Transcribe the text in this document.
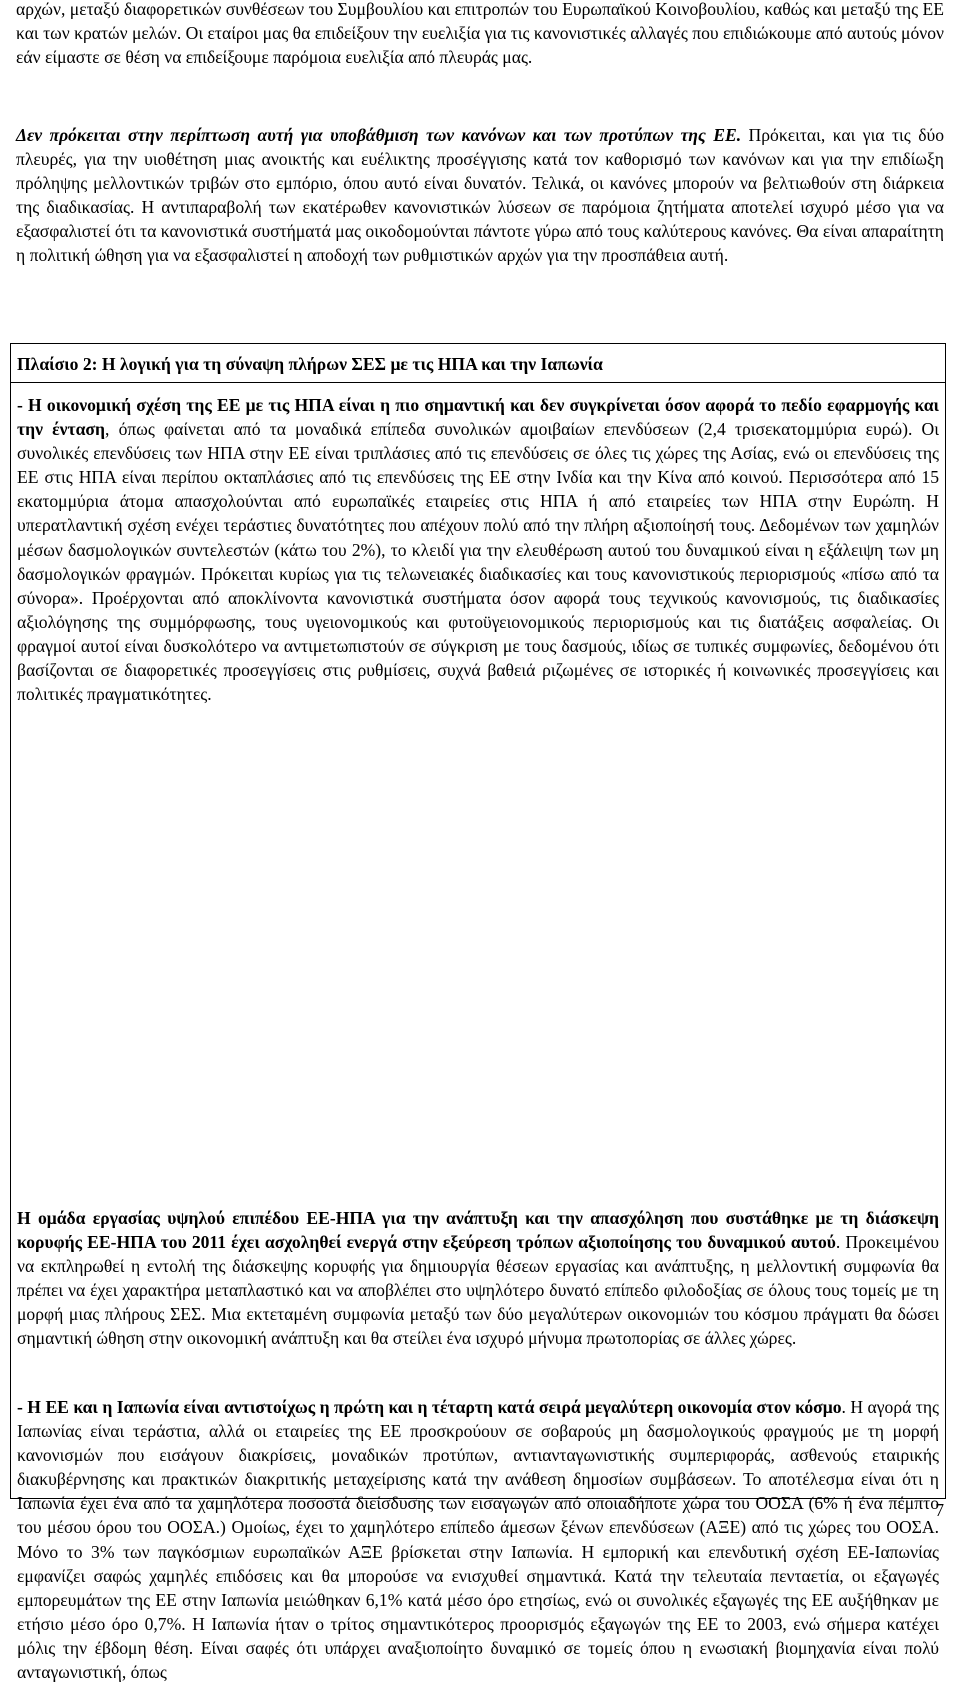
αρχών, μεταξύ διαφορετικών συνθέσεων του Συμβουλίου και επιτροπών του Ευρωπαϊκού Κοινοβουλίου, καθώς και μεταξύ της ΕΕ και των κρατών μελών. Οι εταίροι μας θα επιδείξουν την ευελιξία για τις κανονιστικές αλλαγές που επιδιώκουμε από αυτούς μόνον εάν είμαστε σε θέση να επιδείξουμε παρόμοια ευελιξία από πλευράς μας.

Δεν πρόκειται στην περίπτωση αυτή για υποβάθμιση των κανόνων και των προτύπων της ΕΕ. Πρόκειται, και για τις δύο πλευρές, για την υιοθέτηση μιας ανοικτής και ευέλικτης προσέγγισης κατά τον καθορισμό των κανόνων και για την επιδίωξη πρόληψης μελλοντικών τριβών στο εμπόριο, όπου αυτό είναι δυνατόν. Τελικά, οι κανόνες μπορούν να βελτιωθούν στη διάρκεια της διαδικασίας. Η αντιπαραβολή των εκατέρωθεν κανονιστικών λύσεων σε παρόμοια ζητήματα αποτελεί ισχυρό μέσο για να εξασφαλιστεί ότι τα κανονιστικά συστήματά μας οικοδομούνται πάντοτε γύρω από τους καλύτερους κανόνες. Θα είναι απαραίτητη η πολιτική ώθηση για να εξασφαλιστεί η αποδοχή των ρυθμιστικών αρχών για την προσπάθεια αυτή.

Πλαίσιο 2: Η λογική για τη σύναψη πλήρων ΣΕΣ με τις ΗΠΑ και την Ιαπωνία

- Η οικονομική σχέση της ΕΕ με τις ΗΠΑ είναι η πιο σημαντική και δεν συγκρίνεται όσον αφορά το πεδίο εφαρμογής και την ένταση, όπως φαίνεται από τα μοναδικά επίπεδα συνολικών αμοιβαίων επενδύσεων (2,4 τρισεκατομμύρια ευρώ). Οι συνολικές επενδύσεις των ΗΠΑ στην ΕΕ είναι τριπλάσιες από τις επενδύσεις σε όλες τις χώρες της Ασίας, ενώ οι επενδύσεις της ΕΕ στις ΗΠΑ είναι περίπου οκταπλάσιες από τις επενδύσεις της ΕΕ στην Ινδία και την Κίνα από κοινού. Περισσότερα από 15 εκατομμύρια άτομα απασχολούνται από ευρωπαϊκές εταιρείες στις ΗΠΑ ή από εταιρείες των ΗΠΑ στην Ευρώπη. Η υπερατλαντική σχέση ενέχει τεράστιες δυνατότητες που απέχουν πολύ από την πλήρη αξιοποίησή τους. Δεδομένων των χαμηλών μέσων δασμολογικών συντελεστών (κάτω του 2%), το κλειδί για την ελευθέρωση αυτού του δυναμικού είναι η εξάλειψη των μη δασμολογικών φραγμών. Πρόκειται κυρίως για τις τελωνειακές διαδικασίες και τους κανονιστικούς περιορισμούς «πίσω από τα σύνορα». Προέρχονται από αποκλίνοντα κανονιστικά συστήματα όσον αφορά τους τεχνικούς κανονισμούς, τις διαδικασίες αξιολόγησης της συμμόρφωσης, τους υγειονομικούς και φυτοϋγειονομικούς περιορισμούς και τις διατάξεις ασφαλείας. Οι φραγμοί αυτοί είναι δυσκολότερο να αντιμετωπιστούν σε σύγκριση με τους δασμούς, ιδίως σε τυπικές συμφωνίες, δεδομένου ότι βασίζονται σε διαφορετικές προσεγγίσεις στις ρυθμίσεις, συχνά βαθειά ριζωμένες σε ιστορικές ή κοινωνικές προσεγγίσεις και πολιτικές πραγματικότητες.

Η ομάδα εργασίας υψηλού επιπέδου ΕΕ-ΗΠΑ για την ανάπτυξη και την απασχόληση που συστάθηκε με τη διάσκεψη κορυφής ΕΕ-ΗΠΑ του 2011 έχει ασχοληθεί ενεργά στην εξεύρεση τρόπων αξιοποίησης του δυναμικού αυτού. Προκειμένου να εκπληρωθεί η εντολή της διάσκεψης κορυφής για δημιουργία θέσεων εργασίας και ανάπτυξης, η μελλοντική συμφωνία θα πρέπει να έχει χαρακτήρα μεταπλαστικό και να αποβλέπει στο υψηλότερο δυνατό επίπεδο φιλοδοξίας σε όλους τους τομείς με τη μορφή μιας πλήρους ΣΕΣ. Μια εκτεταμένη συμφωνία μεταξύ των δύο μεγαλύτερων οικονομιών του κόσμου πράγματι θα δώσει σημαντική ώθηση στην οικονομική ανάπτυξη και θα στείλει ένα ισχυρό μήνυμα πρωτοπορίας σε άλλες χώρες.

- Η ΕΕ και η Ιαπωνία είναι αντιστοίχως η πρώτη και η τέταρτη κατά σειρά μεγαλύτερη οικονομία στον κόσμο. Η αγορά της Ιαπωνίας είναι τεράστια, αλλά οι εταιρείες της ΕΕ προσκρούουν σε σοβαρούς μη δασμολογικούς φραγμούς με τη μορφή κανονισμών που εισάγουν διακρίσεις, μοναδικών προτύπων, αντιανταγωνιστικής συμπεριφοράς, ασθενούς εταιρικής διακυβέρνησης και πρακτικών διακριτικής μεταχείρισης κατά την ανάθεση δημοσίων συμβάσεων. Το αποτέλεσμα είναι ότι η Ιαπωνία έχει ένα από τα χαμηλότερα ποσοστά διείσδυσης των εισαγωγών από οποιαδήποτε χώρα του ΟΟΣΑ (6% ή ένα πέμπτο του μέσου όρου του ΟΟΣΑ.) Ομοίως, έχει το χαμηλότερο επίπεδο άμεσων ξένων επενδύσεων (ΑΞΕ) από τις χώρες του ΟΟΣΑ. Μόνο το 3% των παγκόσμιων ευρωπαϊκών ΑΞΕ βρίσκεται στην Ιαπωνία. Η εμπορική και επενδυτική σχέση ΕΕ-Ιαπωνίας εμφανίζει σαφώς χαμηλές επιδόσεις και θα μπορούσε να ενισχυθεί σημαντικά. Κατά την τελευταία πενταετία, οι εξαγωγές εμπορευμάτων της ΕΕ στην Ιαπωνία μειώθηκαν 6,1% κατά μέσο όρο ετησίως, ενώ οι συνολικές εξαγωγές της ΕΕ αυξήθηκαν με ετήσιο μέσο όρο 0,7%. Η Ιαπωνία ήταν ο τρίτος σημαντικότερος προορισμός εξαγωγών της ΕΕ το 2003, ενώ σήμερα κατέχει μόλις την έβδομη θέση. Είναι σαφές ότι υπάρχει αναξιοποίητο δυναμικό σε τομείς όπου η ενωσιακή βιομηχανία είναι πολύ ανταγωνιστική, όπως

7
